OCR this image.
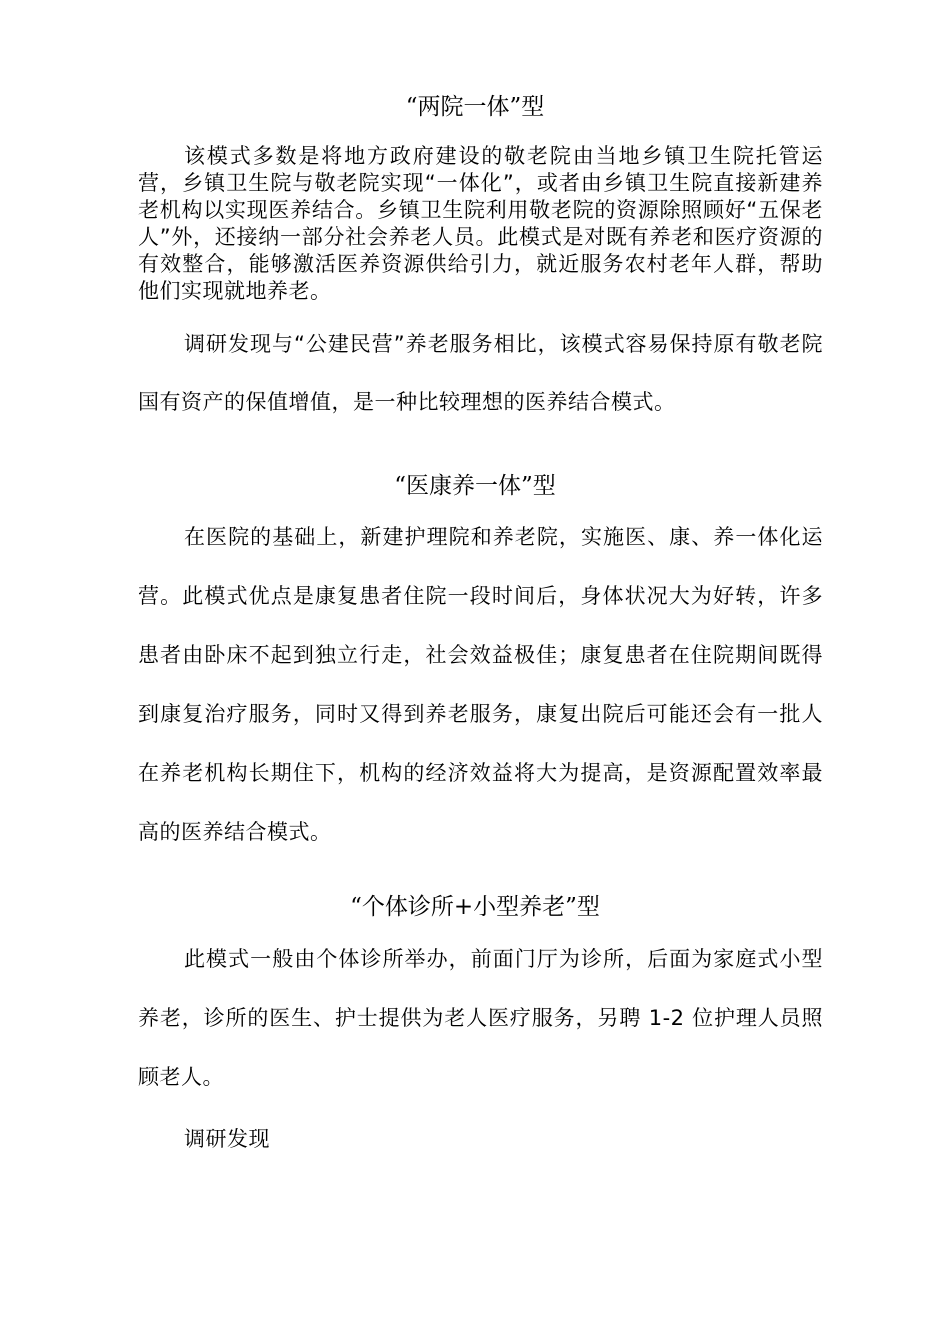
“两院一体”型

该模式多数是将地方政府建设的敬老院由当地乡镇卫生院托管运营，乡镇卫生院与敬老院实现“一体化”，或者由乡镇卫生院直接新建养老机构以实现医养结合。乡镇卫生院利用敬老院的资源除照顾好“五保老人”外，还接纳一部分社会养老人员。此模式是对既有养老和医疗资源的有效整合，能够激活医养资源供给引力，就近服务农村老年人群，帮助他们实现就地养老。

调研发现与“公建民营”养老服务相比，该模式容易保持原有敬老院国有资产的保值增值，是一种比较理想的医养结合模式。

“医康养一体”型

在医院的基础上，新建护理院和养老院，实施医、康、养一体化运营。此模式优点是康复患者住院一段时间后，身体状况大为好转，许多患者由卧床不起到独立行走，社会效益极佳；康复患者在住院期间既得到康复治疗服务，同时又得到养老服务，康复出院后可能还会有一批人在养老机构长期住下，机构的经济效益将大为提高，是资源配置效率最高的医养结合模式。

“个体诊所+小型养老”型

此模式一般由个体诊所举办，前面门厅为诊所，后面为家庭式小型养老，诊所的医生、护士提供为老人医疗服务，另聘 1-2 位护理人员照顾老人。

调研发现
